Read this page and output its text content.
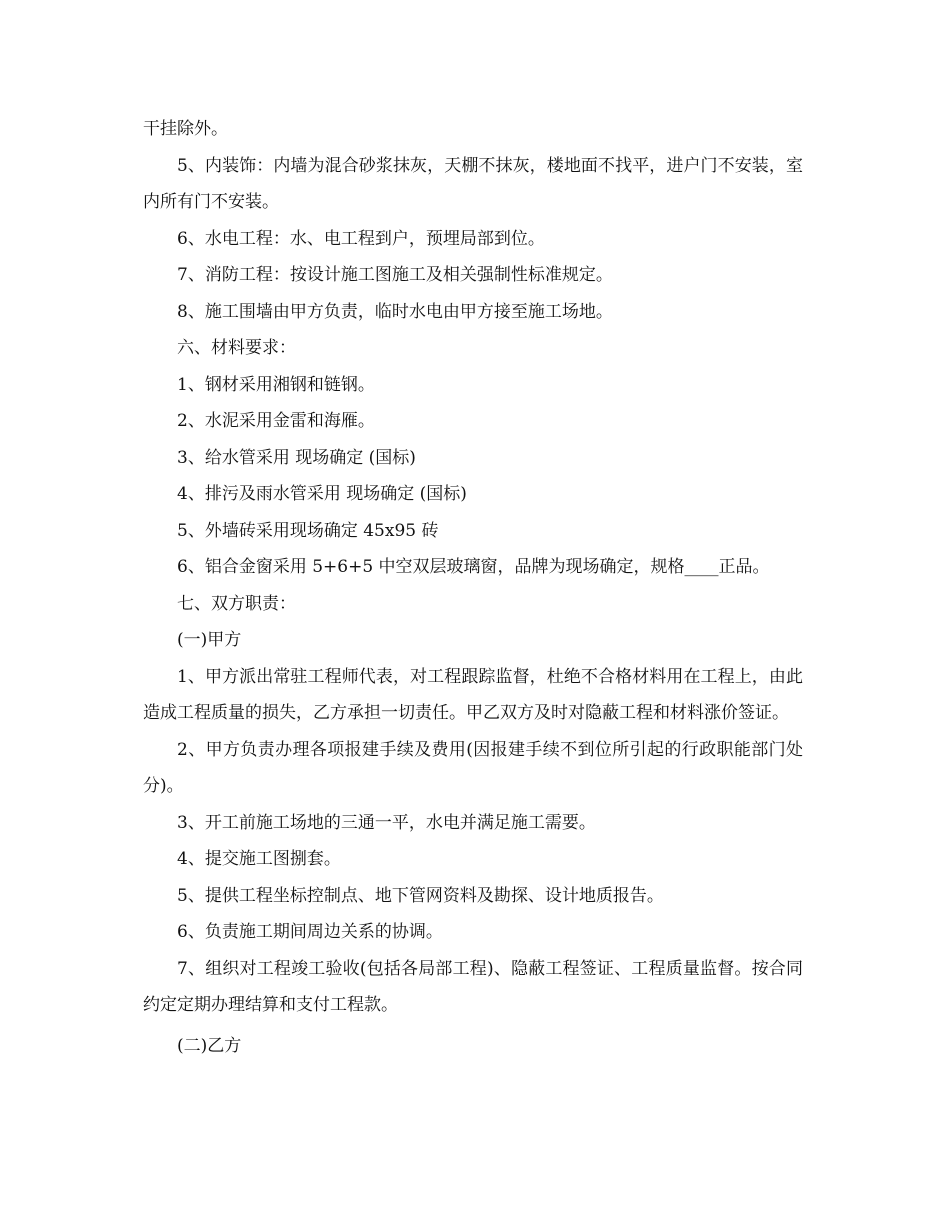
干挂除外。

5、内装饰：内墙为混合砂浆抹灰，天棚不抹灰，楼地面不找平，进户门不安装，室内所有门不安装。

6、水电工程：水、电工程到户，预埋局部到位。

7、消防工程：按设计施工图施工及相关强制性标准规定。

8、施工围墙由甲方负责，临时水电由甲方接至施工场地。

六、材料要求：

1、钢材采用湘钢和链钢。

2、水泥采用金雷和海雁。

3、给水管采用 现场确定 (国标)

4、排污及雨水管采用 现场确定 (国标)

5、外墙砖采用现场确定 45x95 砖

6、铝合金窗采用 5+6+5 中空双层玻璃窗，品牌为现场确定，规格____正品。

七、双方职责：

(一)甲方

1、甲方派出常驻工程师代表，对工程跟踪监督，杜绝不合格材料用在工程上，由此造成工程质量的损失，乙方承担一切责任。甲乙双方及时对隐蔽工程和材料涨价签证。

2、甲方负责办理各项报建手续及费用(因报建手续不到位所引起的行政职能部门处分)。

3、开工前施工场地的三通一平，水电并满足施工需要。

4、提交施工图捌套。

5、提供工程坐标控制点、地下管网资料及勘探、设计地质报告。

6、负责施工期间周边关系的协调。

7、组织对工程竣工验收(包括各局部工程)、隐蔽工程签证、工程质量监督。按合同约定定期办理结算和支付工程款。

(二)乙方
